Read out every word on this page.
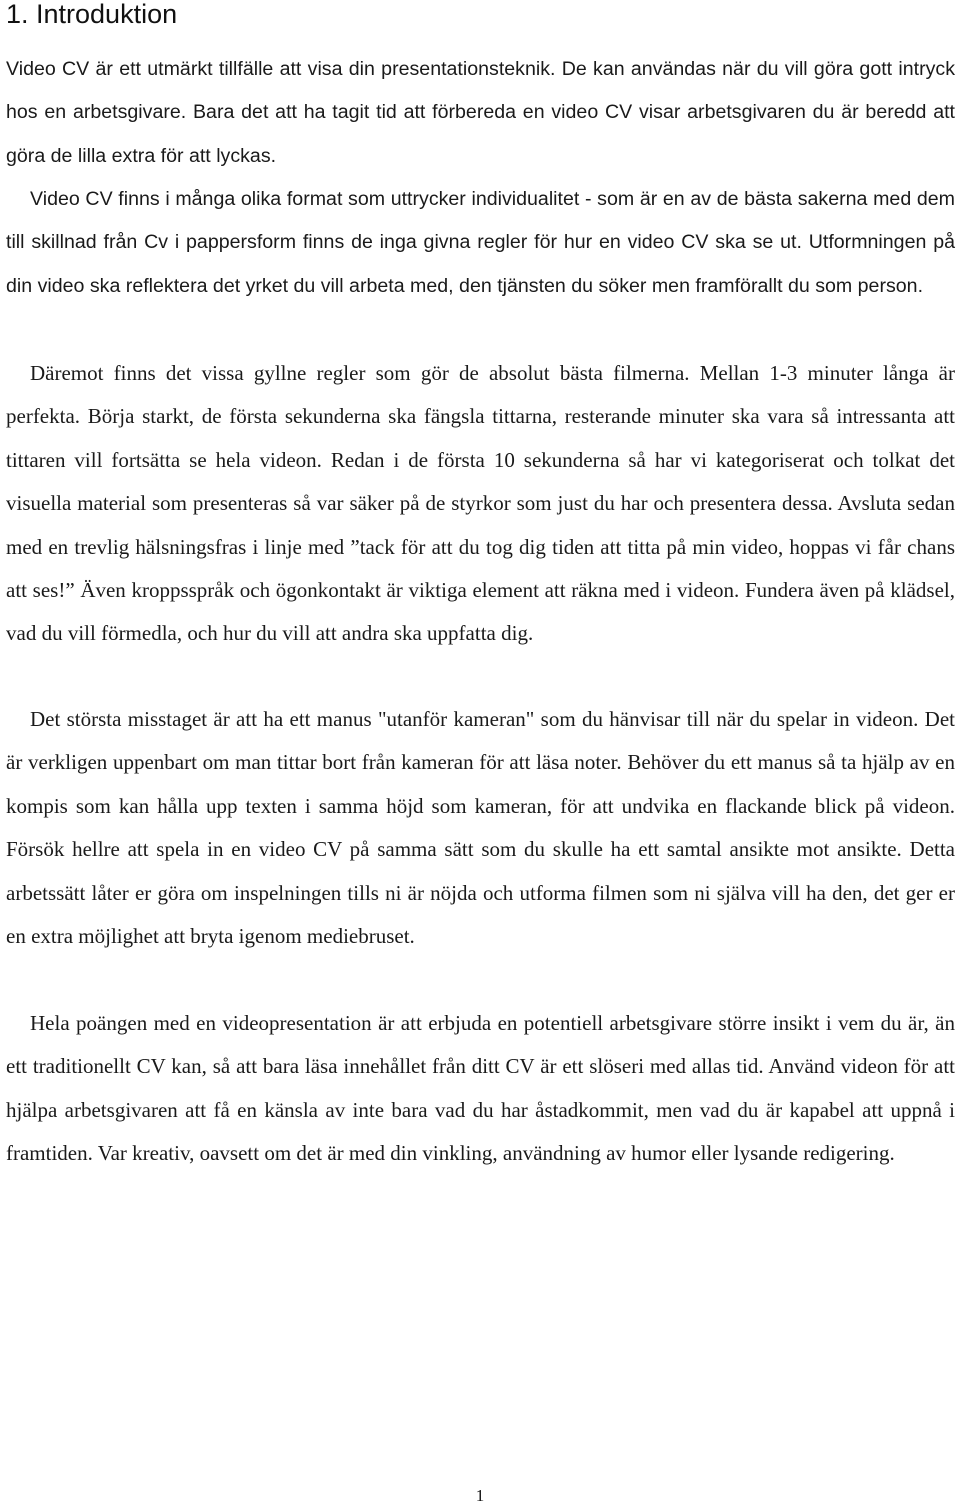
1. Introduktion

Video CV är ett utmärkt tillfälle att visa din presentationsteknik. De kan användas när du vill göra gott intryck hos en arbetsgivare. Bara det att ha tagit tid att förbereda en video CV visar arbetsgivaren du är beredd att göra de lilla extra för att lyckas.

Video CV finns i många olika format som uttrycker individualitet - som är en av de bästa sakerna med dem till skillnad från Cv i pappersform finns de inga givna regler för hur en video CV ska se ut. Utformningen på din video ska reflektera det yrket du vill arbeta med, den tjänsten du söker men framförallt du som person.

Däremot finns det vissa gyllne regler som gör de absolut bästa filmerna. Mellan 1-3 minuter långa är perfekta. Börja starkt, de första sekunderna ska fängsla tittarna, resterande minuter ska vara så intressanta att tittaren vill fortsätta se hela videon. Redan i de första 10 sekunderna så har vi kategoriserat och tolkat det visuella material som presenteras så var säker på de styrkor som just du har och presentera dessa. Avsluta sedan med en trevlig hälsningsfras i linje med ”tack för att du tog dig tiden att titta på min video, hoppas vi får chans att ses!” Även kroppsspråk och ögonkontakt är viktiga element att räkna med i videon. Fundera även på klädsel, vad du vill förmedla, och hur du vill att andra ska uppfatta dig.

Det största misstaget är att ha ett manus "utanför kameran" som du hänvisar till när du spelar in videon. Det är verkligen uppenbart om man tittar bort från kameran för att läsa noter. Behöver du ett manus så ta hjälp av en kompis som kan hålla upp texten i samma höjd som kameran, för att undvika en flackande blick på videon. Försök hellre att spela in en video CV på samma sätt som du skulle ha ett samtal ansikte mot ansikte. Detta arbetssätt låter er göra om inspelningen tills ni är nöjda och utforma filmen som ni själva vill ha den, det ger er en extra möjlighet att bryta igenom mediebruset.

Hela poängen med en videopresentation är att erbjuda en potentiell arbetsgivare större insikt i vem du är, än ett traditionellt CV kan, så att bara läsa innehållet från ditt CV är ett slöseri med allas tid. Använd videon för att hjälpa arbetsgivaren att få en känsla av inte bara vad du har åstadkommit, men vad du är kapabel att uppnå i framtiden. Var kreativ, oavsett om det är med din vinkling, användning av humor eller lysande redigering.

1
